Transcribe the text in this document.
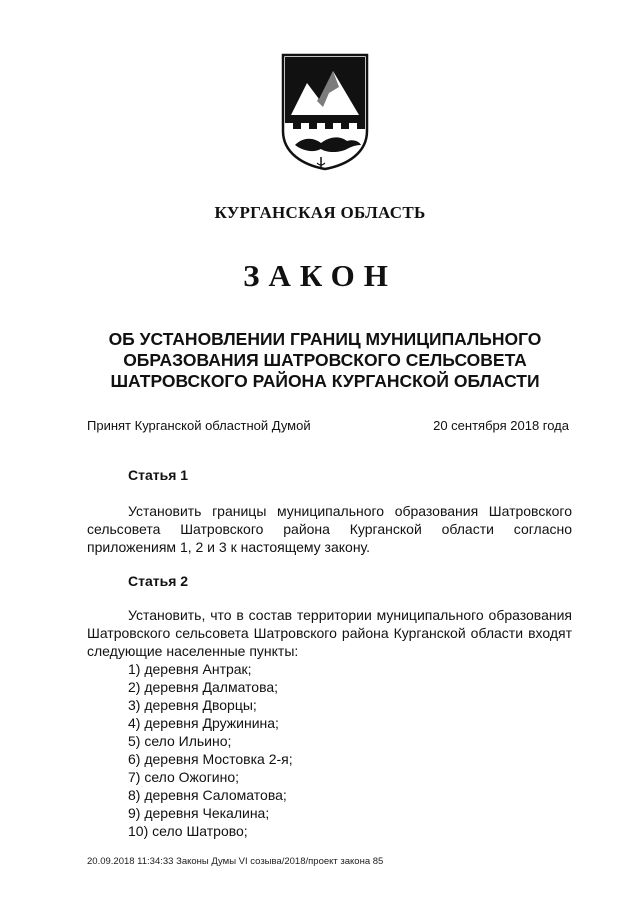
КУРГАНСКАЯ ОБЛАСТЬ
ЗАКОН
ОБ УСТАНОВЛЕНИИ ГРАНИЦ МУНИЦИПАЛЬНОГО
ОБРАЗОВАНИЯ ШАТРОВСКОГО СЕЛЬСОВЕТА
ШАТРОВСКОГО РАЙОНА КУРГАНСКОЙ ОБЛАСТИ
Принят Курганской областной Думой	20 сентября 2018 года
Статья 1
Установить границы муниципального образования Шатровского сельсовета Шатровского района Курганской области согласно приложениям 1, 2 и 3 к настоящему закону.
Статья 2
Установить, что в состав территории муниципального образования Шатровского сельсовета Шатровского района Курганской области входят следующие населенные пункты:
1) деревня Антрак;
2) деревня Далматова;
3) деревня Дворцы;
4) деревня Дружинина;
5) село Ильино;
6) деревня Мостовка 2-я;
7) село Ожогино;
8) деревня Саломатова;
9) деревня Чекалина;
10) село Шатрово;
20.09.2018 11:34:33 Законы Думы VI созыва/2018/проект закона 85
